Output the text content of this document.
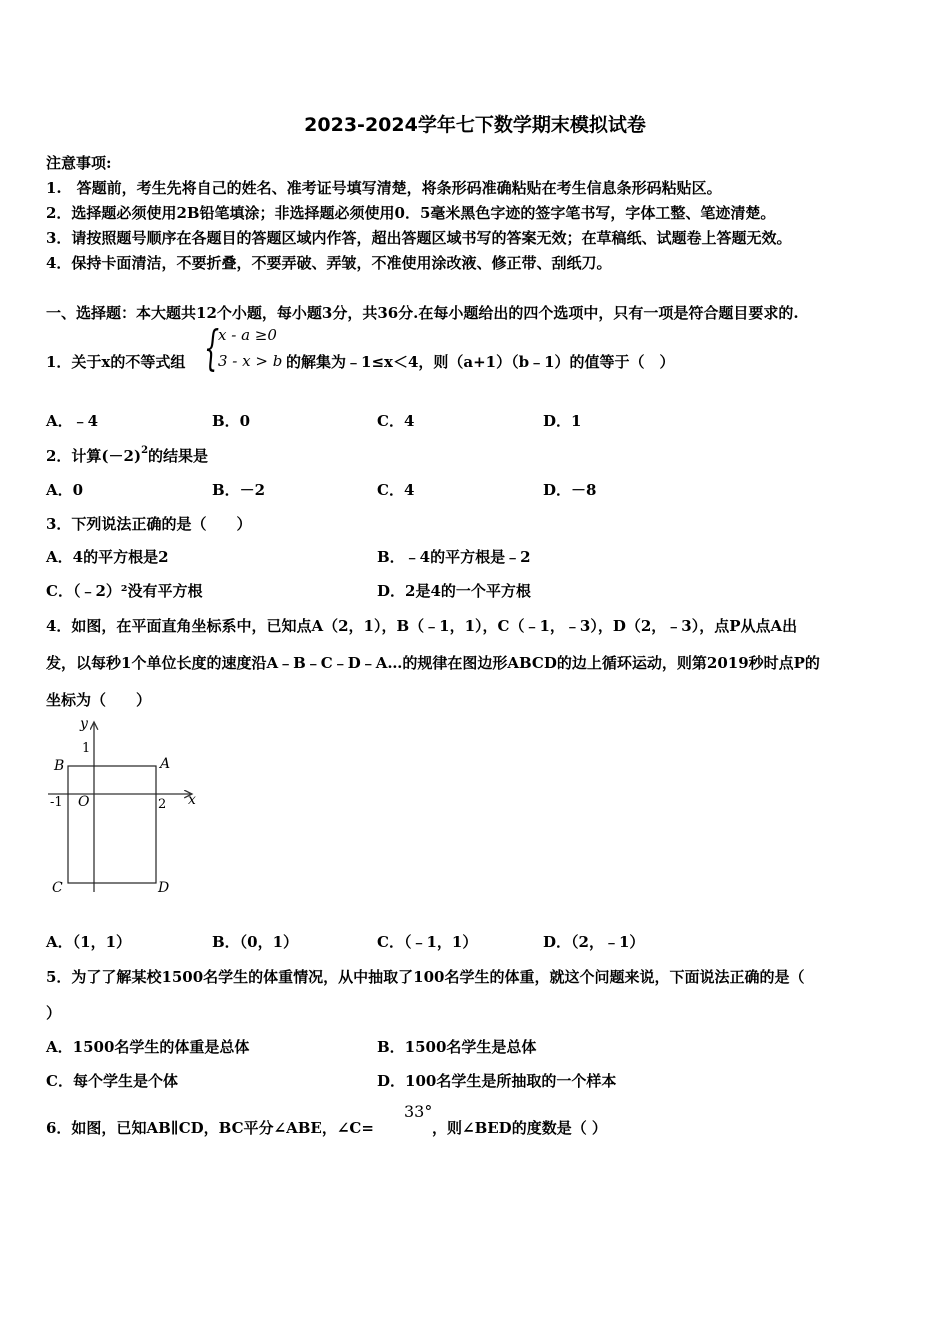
2023-2024学年七下数学期末模拟试卷
注意事项:
1.　答题前，考生先将自己的姓名、准考证号填写清楚，将条形码准确粘贴在考生信息条形码粘贴区。
2．选择题必须使用2B铅笔填涂；非选择题必须使用0．5毫米黑色字迹的签字笔书写，字体工整、笔迹清楚。
3．请按照题号顺序在各题目的答题区域内作答，超出答题区域书写的答案无效；在草稿纸、试题卷上答题无效。
4．保持卡面清洁，不要折叠，不要弄破、弄皱，不准使用涂改液、修正带、刮纸刀。
一、选择题：本大题共12个小题，每小题3分，共36分.在每小题给出的四个选项中，只有一项是符合题目要求的.
1．关于x的不等式组 {
x - a ≥0
3 - x > b 的解集为﹣1≤x＜4，则（a+1）（b﹣1）的值等于（　）
A．﹣4	B．0	C．4	D．1
2．计算$(-2)^2$的结果是
A．0	B．－2	C．4	D．－8
3．下列说法正确的是（　　）
A．4的平方根是2	B．﹣4的平方根是﹣2
C．（﹣2）²没有平方根	D．2是4的一个平方根
4．如图，在平面直角坐标系中，已知点A（2，1），B（﹣1，1），C（﹣1，﹣3），D（2，﹣3），点P从点A出
发，以每秒1个单位长度的速度沿A﹣B﹣C﹣D﹣A…的规律在图边形ABCD的边上循环运动，则第2019秒时点P的
坐标为（　　）
y
x
1
-1	2
O
A
B
C	D
A．（1，1）	B．（0，1）	C．（﹣1，1）	D．（2，﹣1）
5．为了了解某校1500名学生的体重情况，从中抽取了100名学生的体重，就这个问题来说，下面说法正确的是（
）
A．1500名学生的体重是总体	B．1500名学生是总体
C．每个学生是个体	D．100名学生是所抽取的一个样本
6．如图，已知AB∥CD，BC平分∠ABE，∠C=
33°
，则∠BED的度数是（ ）
